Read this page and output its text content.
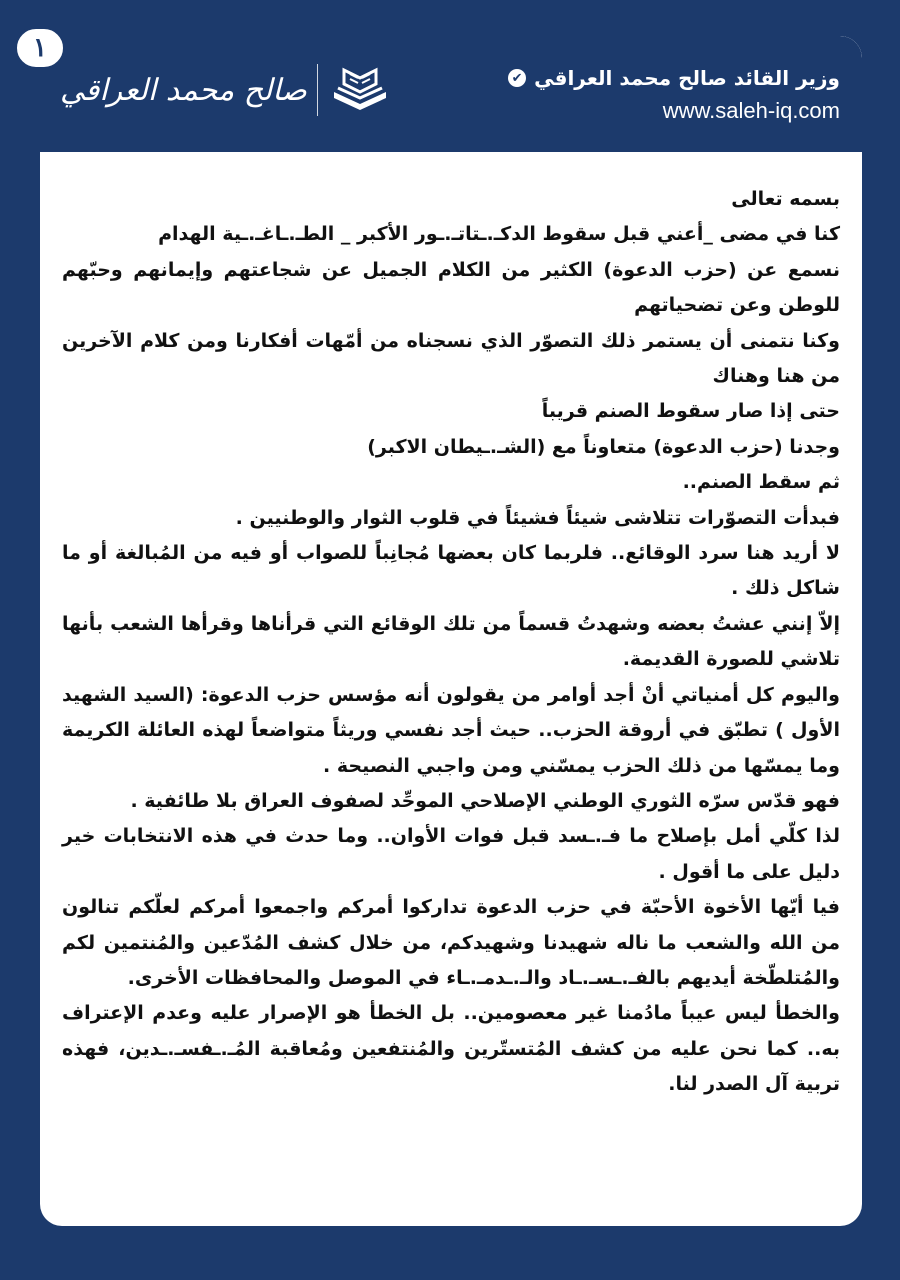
١
صالح محمد العراقي	وزير القائد صالح محمد العراقي
✔
www.saleh-iq.com

بسمه تعالى

كنا في مضى _أعني قبل سقوط الدكـ.ـتاتـ.ـور الأكبر _ الطـ.ـاغـ.ـية الهدام

نسمع عن (حزب الدعوة) الكثير من الكلام الجميل عن شجاعتهم وإيمانهم وحبّهم للوطن وعن تضحياتهم

وكنا نتمنى أن يستمر ذلك التصوّر الذي نسجناه من أمّهات أفكارنا ومن كلام الآخرين من هنا وهناك

حتى إذا صار سقوط الصنم قريباً

وجدنا (حزب الدعوة) متعاوناً مع (الشـ.ـيطان الاكبر)

ثم سقط الصنم..

فبدأت التصوّرات تتلاشى شيئاً فشيئاً في قلوب الثوار والوطنيين .

لا أريد هنا سرد الوقائع.. فلربما كان بعضها مُجانِباً للصواب أو فيه من المُبالغة أو ما شاكل ذلك .

إلاّ إنني عشتُ بعضه وشهدتُ قسماً من تلك الوقائع التي قرأناها وقرأها الشعب بأنها تلاشي للصورة القديمة.

واليوم كل أمنياتي أنْ أجد أوامر من يقولون أنه مؤسس حزب الدعوة: (السيد الشهيد الأول ) تطبّق في أروقة الحزب.. حيث أجد نفسي وريثاً متواضعاً لهذه العائلة الكريمة وما يمسّها من ذلك الحزب يمسّني ومن واجبي النصيحة .

فهو قدّس سرّه الثوري الوطني الإصلاحي الموحِّد لصفوف العراق بلا طائفية .

لذا كلّي أمل بإصلاح ما فـ.ـسد قبل فوات الأوان.. وما حدث في هذه الانتخابات خير دليل على ما أقول .

فيا أيّها الأخوة الأحبّة في حزب الدعوة تداركوا أمركم واجمعوا أمركم لعلّكم تنالون من الله والشعب ما ناله شهيدنا وشهيدكم، من خلال كشف المُدّعين والمُنتمين لكم والمُتلطّخة أيديهم بالفـ.ـسـ.ـاد والـ.ـدمـ.ـاء في الموصل والمحافظات الأخرى.

والخطأ ليس عيباً مادُمنا غير معصومين.. بل الخطأ هو الإصرار عليه وعدم الإعتراف به.. كما نحن عليه من كشف المُتستّرين والمُنتفعين ومُعاقبة المُـ.ـفسـ.ـدين، فهذه تربية آل الصدر لنا.
